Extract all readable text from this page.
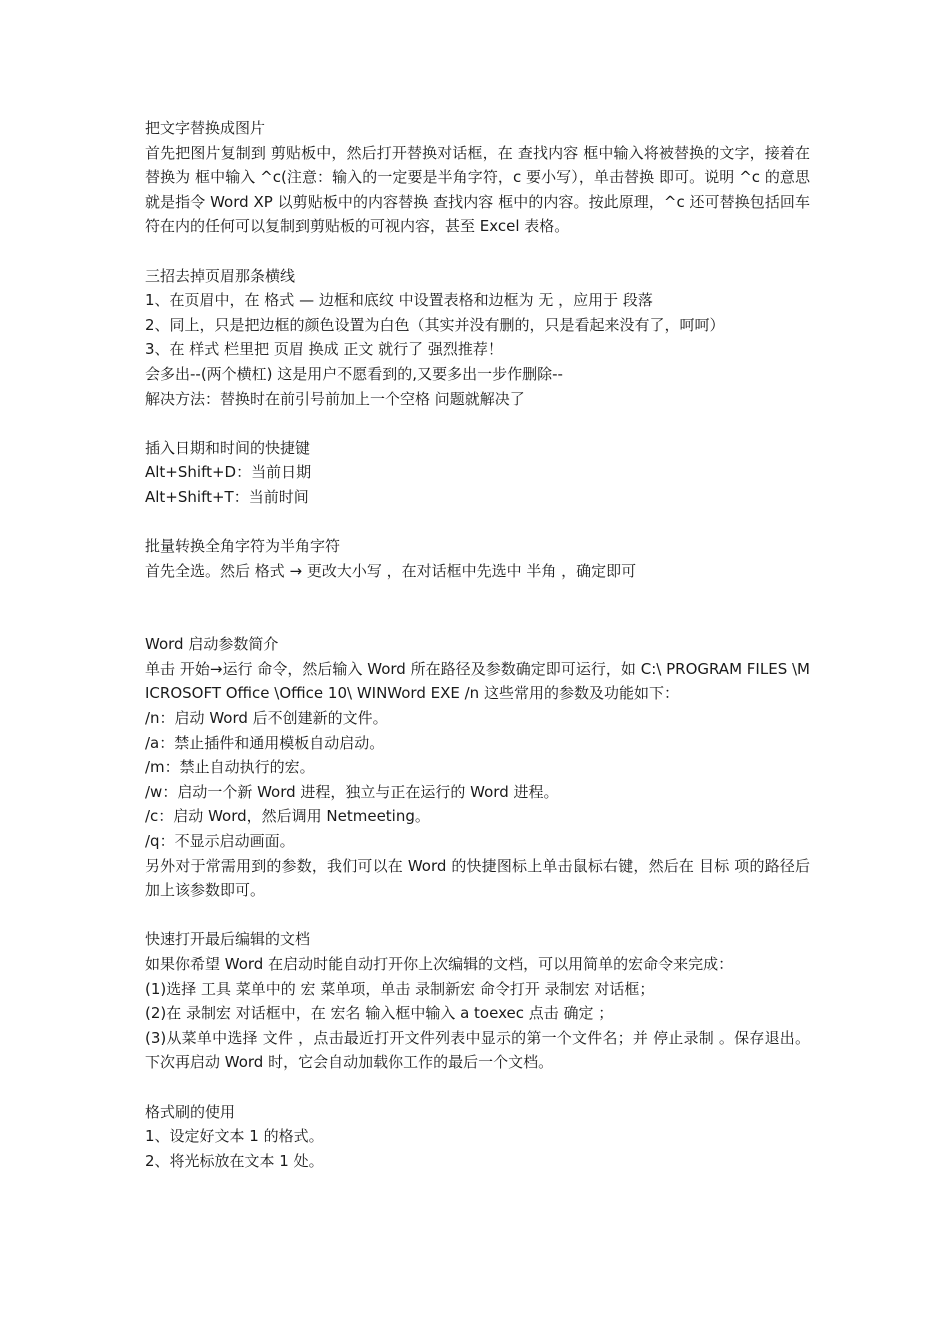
把文字替换成图片
首先把图片复制到 剪贴板中，然后打开替换对话框，在 查找内容 框中输入将被替换的文字，接着在 替换为 框中输入 ^c(注意：输入的一定要是半角字符，c 要小写），单击替换 即可。说明 ^c 的意思就是指令 Word XP 以剪贴板中的内容替换 查找内容 框中的内容。按此原理，^c 还可替换包括回车符在内的任何可以复制到剪贴板的可视内容，甚至 Excel 表格。
三招去掉页眉那条横线
1、在页眉中，在 格式 — 边框和底纹 中设置表格和边框为 无 ，应用于 段落
2、同上，只是把边框的颜色设置为白色（其实并没有删的，只是看起来没有了，呵呵）
3、在 样式 栏里把 页眉 换成 正文 就行了 强烈推荐！
会多出--(两个横杠) 这是用户不愿看到的,又要多出一步作删除--
解决方法：替换时在前引号前加上一个空格 问题就解决了
插入日期和时间的快捷键
Alt+Shift+D：当前日期
Alt+Shift+T：当前时间
批量转换全角字符为半角字符
首先全选。然后 格式 → 更改大小写 ，在对话框中先选中 半角 ，确定即可
Word 启动参数简介
单击 开始→运行 命令，然后输入 Word 所在路径及参数确定即可运行，如 C:\ PROGRAM FILES \MICROSOFT Office \Office 10\ WINWord EXE /n 这些常用的参数及功能如下：
/n：启动 Word 后不创建新的文件。
/a：禁止插件和通用模板自动启动。
/m：禁止自动执行的宏。
/w：启动一个新 Word 进程，独立与正在运行的 Word 进程。
/c：启动 Word，然后调用 Netmeeting。
/q：不显示启动画面。
另外对于常需用到的参数，我们可以在 Word 的快捷图标上单击鼠标右键，然后在 目标 项的路径后加上该参数即可。
快速打开最后编辑的文档
如果你希望 Word 在启动时能自动打开你上次编辑的文档，可以用简单的宏命令来完成：
(1)选择 工具 菜单中的 宏 菜单项，单击 录制新宏 命令打开 录制宏 对话框；
(2)在 录制宏 对话框中，在 宏名 输入框中输入 a toexec 点击 确定 ；
(3)从菜单中选择 文件 ，点击最近打开文件列表中显示的第一个文件名；并 停止录制 。保存退出。下次再启动 Word 时，它会自动加载你工作的最后一个文档。
格式刷的使用
1、设定好文本 1 的格式。
2、将光标放在文本 1 处。
